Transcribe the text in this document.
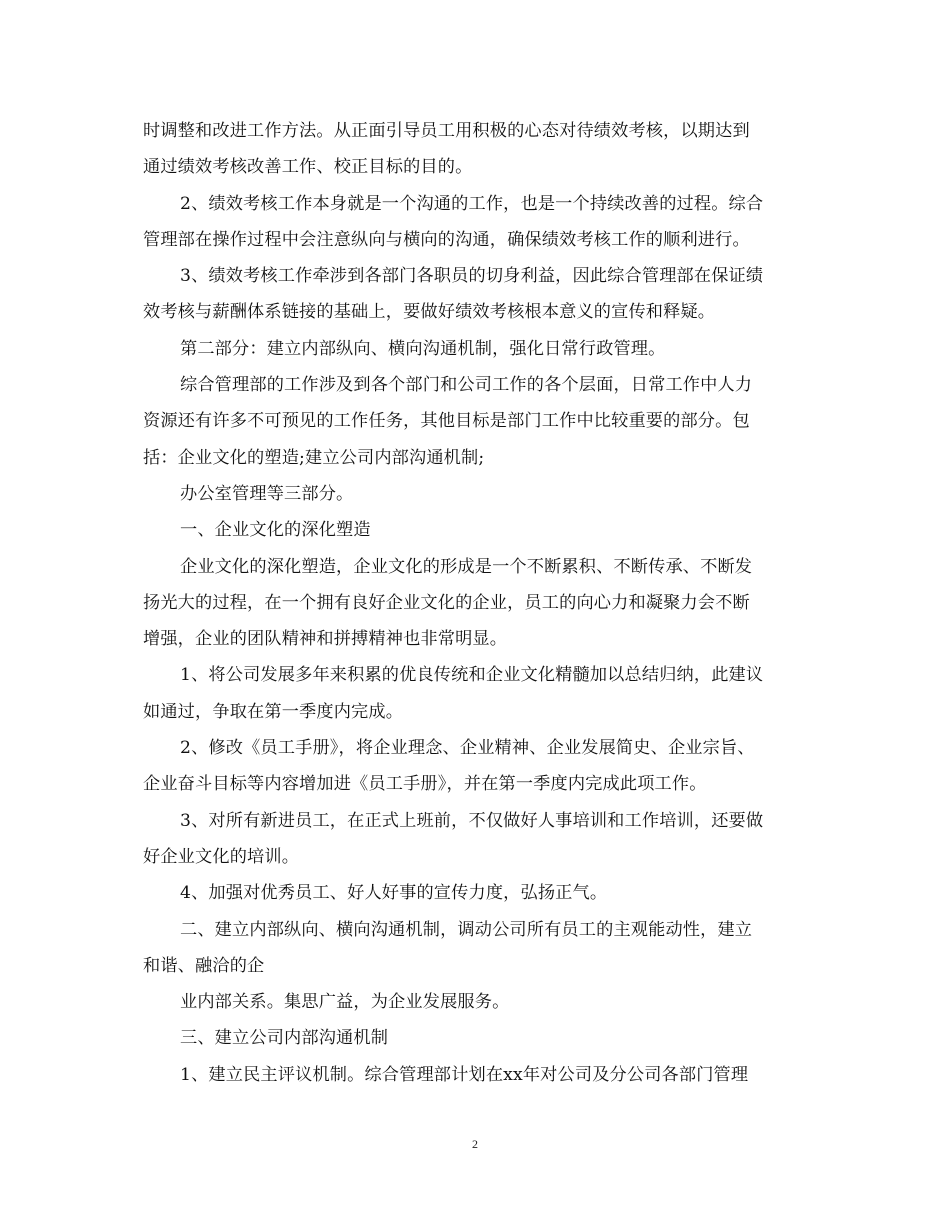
时调整和改进工作方法。从正面引导员工用积极的心态对待绩效考核，以期达到
通过绩效考核改善工作、校正目标的目的。
2、绩效考核工作本身就是一个沟通的工作，也是一个持续改善的过程。综合
管理部在操作过程中会注意纵向与横向的沟通，确保绩效考核工作的顺利进行。
3、绩效考核工作牵涉到各部门各职员的切身利益，因此综合管理部在保证绩
效考核与薪酬体系链接的基础上，要做好绩效考核根本意义的宣传和释疑。
第二部分：建立内部纵向、横向沟通机制，强化日常行政管理。
综合管理部的工作涉及到各个部门和公司工作的各个层面，日常工作中人力
资源还有许多不可预见的工作任务，其他目标是部门工作中比较重要的部分。包
括：企业文化的塑造;建立公司内部沟通机制;
办公室管理等三部分。
一、企业文化的深化塑造
企业文化的深化塑造，企业文化的形成是一个不断累积、不断传承、不断发
扬光大的过程，在一个拥有良好企业文化的企业，员工的向心力和凝聚力会不断
增强，企业的团队精神和拼搏精神也非常明显。
1、将公司发展多年来积累的优良传统和企业文化精髓加以总结归纳，此建议
如通过，争取在第一季度内完成。
2、修改《员工手册》，将企业理念、企业精神、企业发展简史、企业宗旨、
企业奋斗目标等内容增加进《员工手册》，并在第一季度内完成此项工作。
3、对所有新进员工，在正式上班前，不仅做好人事培训和工作培训，还要做
好企业文化的培训。
4、加强对优秀员工、好人好事的宣传力度，弘扬正气。
二、建立内部纵向、横向沟通机制，调动公司所有员工的主观能动性，建立
和谐、融洽的企
业内部关系。集思广益，为企业发展服务。
三、建立公司内部沟通机制
1、建立民主评议机制。综合管理部计划在xx年对公司及分公司各部门管理
2
